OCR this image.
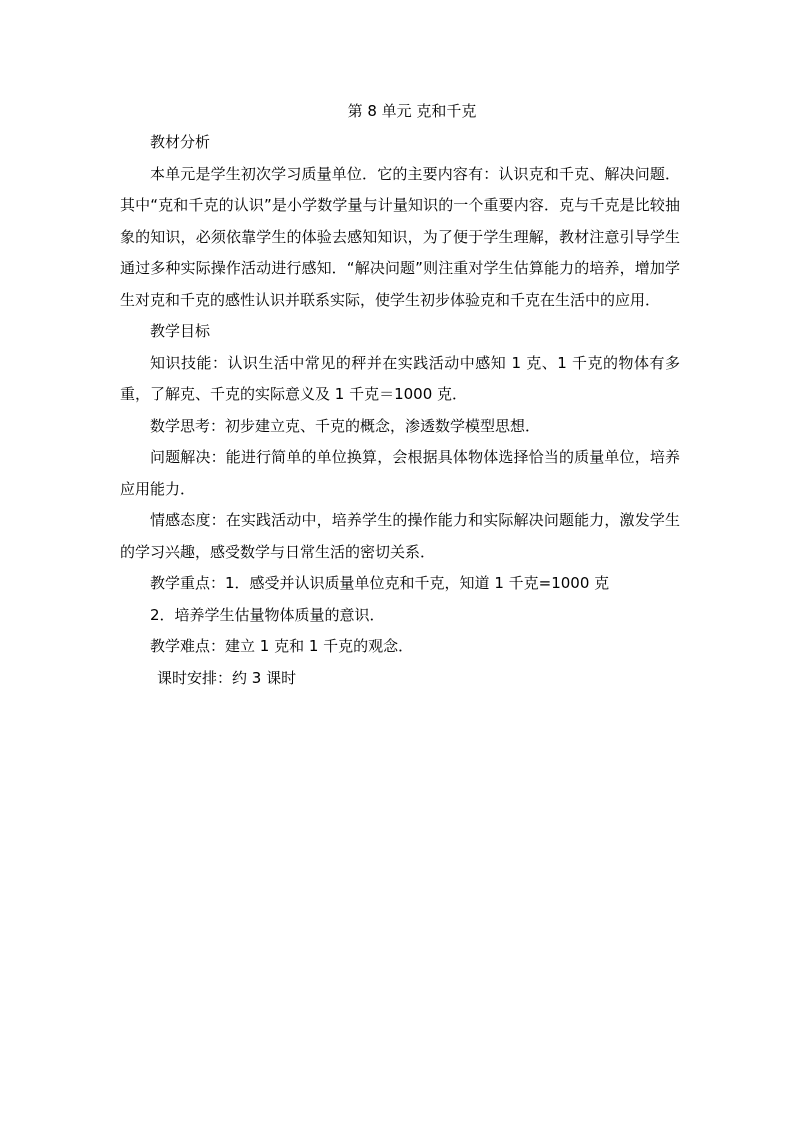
第 8 单元 克和千克

教材分析

本单元是学生初次学习质量单位．它的主要内容有：认识克和千克、解决问题．其中“克和千克的认识”是小学数学量与计量知识的一个重要内容．克与千克是比较抽象的知识，必须依靠学生的体验去感知知识，为了便于学生理解，教材注意引导学生通过多种实际操作活动进行感知．“解决问题”则注重对学生估算能力的培养，增加学生对克和千克的感性认识并联系实际，使学生初步体验克和千克在生活中的应用．

教学目标

知识技能：认识生活中常见的秤并在实践活动中感知 1 克、1 千克的物体有多重，了解克、千克的实际意义及 1 千克＝1000 克．

数学思考：初步建立克、千克的概念，渗透数学模型思想．

问题解决：能进行简单的单位换算，会根据具体物体选择恰当的质量单位，培养应用能力．

情感态度：在实践活动中，培养学生的操作能力和实际解决问题能力，激发学生的学习兴趣，感受数学与日常生活的密切关系．

教学重点：1．感受并认识质量单位克和千克，知道 1 千克=1000 克

2．培养学生估量物体质量的意识．

教学难点：建立 1 克和 1 千克的观念．

课时安排：约 3 课时
